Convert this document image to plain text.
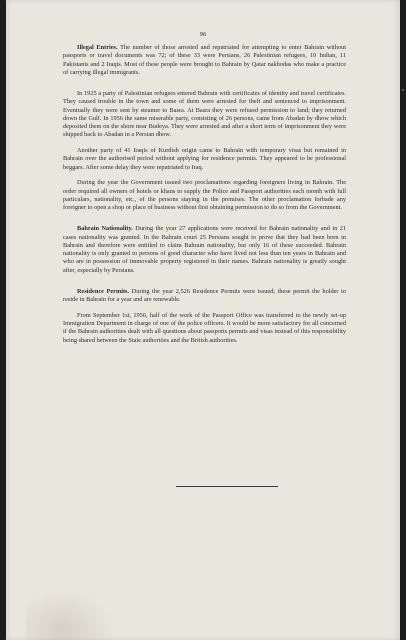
96

Illegal Entries. The number of those arrested and repatriated for attempting to enter Bahrain without passports or travel documents was 72; of these 33 were Persians, 26 Palestinian refugees, 10 Indian, 11 Pakistanis and 2 Iraqis. Most of these people were brought to Bahrain by Qatar nakhodas who make a practice of carrying illegal immigrants.

In 1925 a party of Palestinian refugees entered Bahrain with certificates of identity and travel certificates. They caused trouble in the town and some of them were arrested for theft and sentenced to imprisonment. Eventually they were sent by steamer to Basra. At Basra they were refused permission to land; they returned down the Gulf. In 1956 the same miserable party, consisting of 26 persons, came from Abadan by dhow which deposited them on the shore near Budeya. They were arrested and after a short term of imprisonment they were shipped back to Abadan in a Persian dhow.

Another party of 41 Iraqis of Kurdish origin came to Bahrain with temporary visas but remained in Bahrain over the authorised period without applying for residence permits. They appeared to be professional beggars. After some delay they were repatriated to Iraq.

During the year the Government issued two proclamations regarding foreigners living in Bahrain. The order required all owners of hotels or khans to supply the Police and Passport authorities each month with full particulars, nationality, etc., of the persons staying in the premises. The other proclamation forbade any foreigner to open a shop or place of business without first obtaining permission to do so from the Government.

Bahrain Nationality. During the year 27 applications were received for Bahrain nationality and in 21 cases nationality was granted. In the Bahrain court 25 Persians sought to prove that they had been born in Bahrain and therefore were entitled to claim Bahrain nationality, but only 16 of these succeeded. Bahrain nationality is only granted to persons of good character who have lived not less than ten years in Bahrain and who are in possession of immovable property registered in their names. Bahrain nationality is greatly sought after, especially by Persians.

Residence Permits. During the year 2,526 Residence Permits were issued; these permit the holder to reside in Bahrain for a year and are renewable.

From September 1st, 1956, half of the work of the Passport Office was transferred to the newly set-up Immigration Department in charge of one of the police officers. It would be more satisfactory for all concerned if the Bahrain authorities dealt with all questions about passports permits and visas instead of this responsibility being shared between the State authorities and the British authorities.
